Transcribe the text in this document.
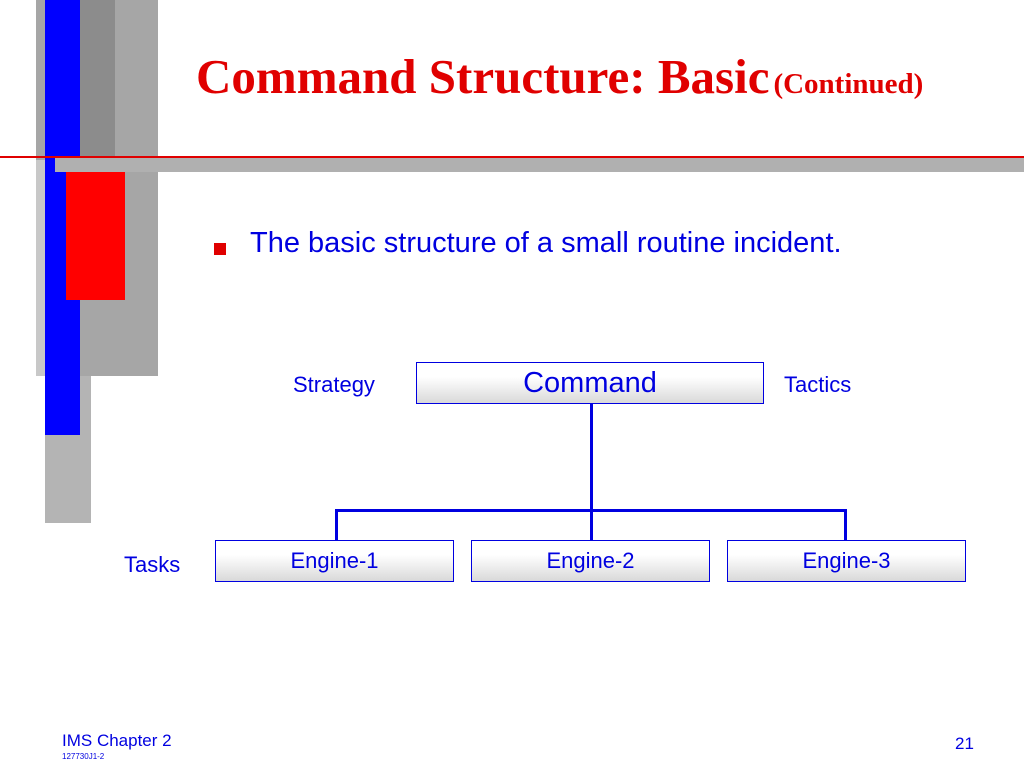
Command Structure: Basic (Continued)
The basic structure of a small routine incident.
Strategy	Tactics
Tasks
Command
Engine-1	Engine-2	Engine-3
IMS Chapter 2
127730J1-2
21
